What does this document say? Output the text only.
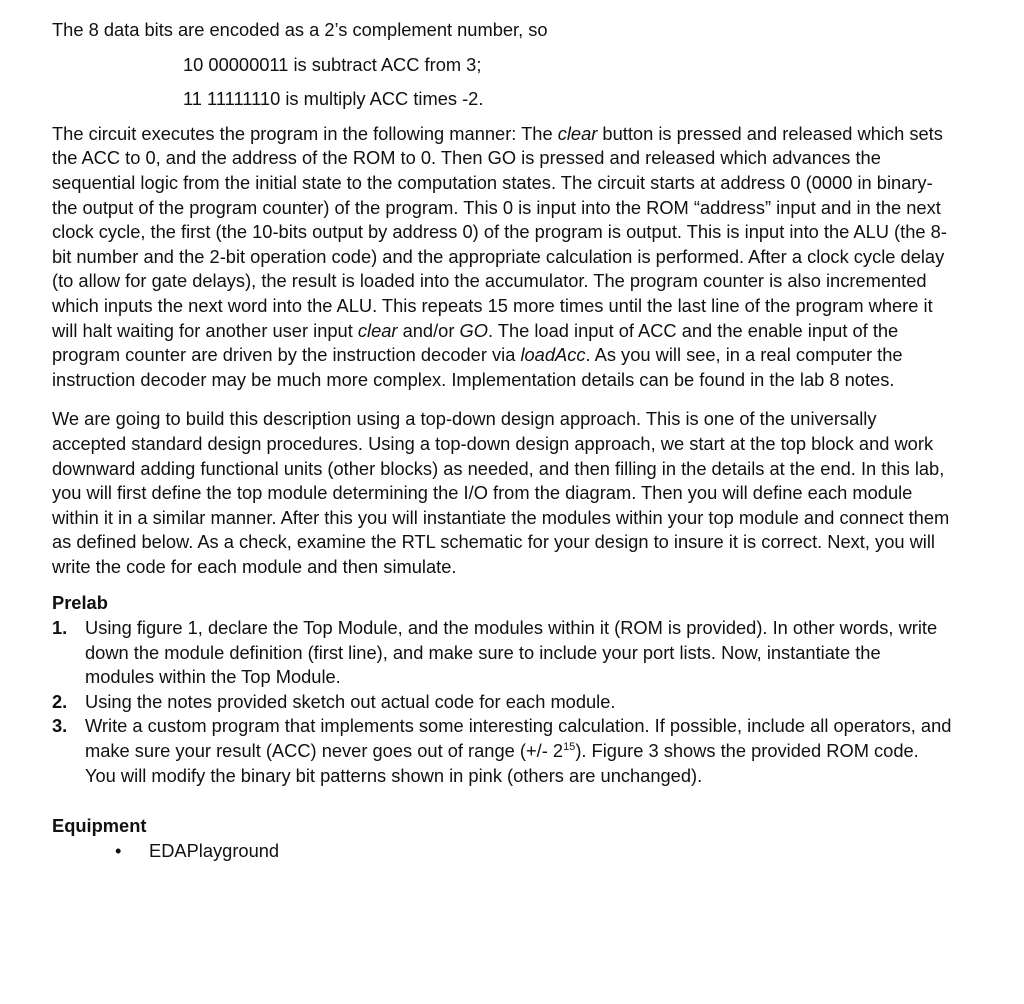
The 8 data bits are encoded as a 2’s complement number, so

10 00000011 is subtract ACC from 3;

11 11111110 is multiply ACC times -2.

The circuit executes the program in the following manner: The clear button is pressed and released which sets the ACC to 0, and the address of the ROM to 0. Then GO is pressed and released which advances the sequential logic from the initial state to the computation states. The circuit starts at address 0 (0000 in binary-the output of the program counter) of the program. This 0 is input into the ROM “address” input and in the next clock cycle, the first (the 10-bits output by address 0) of the program is output. This is input into the ALU (the 8-bit number and the 2-bit operation code) and the appropriate calculation is performed. After a clock cycle delay (to allow for gate delays), the result is loaded into the accumulator. The program counter is also incremented which inputs the next word into the ALU. This repeats 15 more times until the last line of the program where it will halt waiting for another user input clear and/or GO. The load input of ACC and the enable input of the program counter are driven by the instruction decoder via loadAcc. As you will see, in a real computer the instruction decoder may be much more complex. Implementation details can be found in the lab 8 notes.

We are going to build this description using a top-down design approach. This is one of the universally accepted standard design procedures. Using a top-down design approach, we start at the top block and work downward adding functional units (other blocks) as needed, and then filling in the details at the end. In this lab, you will first define the top module determining the I/O from the diagram. Then you will define each module within it in a similar manner. After this you will instantiate the modules within your top module and connect them as defined below. As a check, examine the RTL schematic for your design to insure it is correct. Next, you will write the code for each module and then simulate.

Prelab

1. Using figure 1, declare the Top Module, and the modules within it (ROM is provided). In other words, write down the module definition (first line), and make sure to include your port lists. Now, instantiate the modules within the Top Module.
2. Using the notes provided sketch out actual code for each module.
3. Write a custom program that implements some interesting calculation. If possible, include all operators, and make sure your result (ACC) never goes out of range (+/- $2^{15}$). Figure 3 shows the provided ROM code. You will modify the binary bit patterns shown in pink (others are unchanged).

Equipment

• EDAPlayground
